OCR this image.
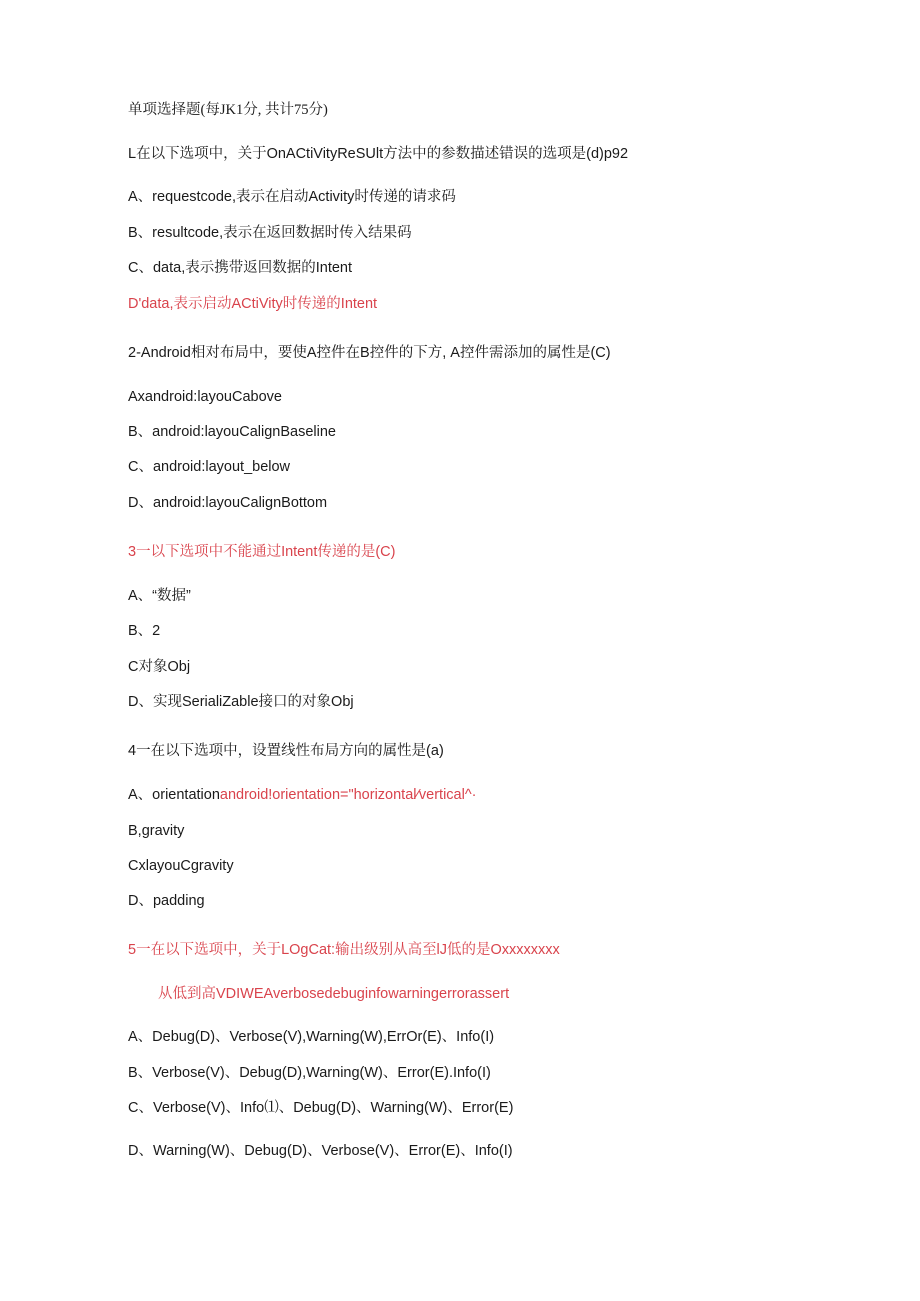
单项选择题(每JK1分, 共计75分)
L在以下选项中，关于OnACtiVityReSUlt方法中的参数描述错误的选项是(d)p92
A、requestcode,表示在启动Activity时传递的请求码
B、resultcode,表示在返回数据时传入结果码
C、data,表示携带返回数据的Intent
D'data,表示启动ACtiVity时传递的Intent
2-Android相对布局中，要使A控件在B控件的下方, A控件需添加的属性是(C)
Axandroid:layouCabove
B、android:layouCalignBaseline
C、android:layout_below
D、android:layouCalignBottom
3一以下选项中不能通过Intent传递的是(C)
A、“数据”
B、2
C对象Obj
D、实现SerialiZable接口的对象Obj
4一在以下选项中，设置线性布局方向的属性是(a)
A、orientationandroid!orientation="horizontal⁄vertical^·
B,gravity
CxlayouCgravity
D、padding
5一在以下选项中，关于LOgCat:输出级别从高至lJ低的是Oxxxxxxxx
从低到高VDIWEAverbosedebuginfowarningerrorassert
A、Debug(D)、Verbose(V),Warning(W),ErrOr(E)、Info(I)
B、Verbose(V)、Debug(D),Warning(W)、Error(E).Info(I)
C、Verbose(V)、Info⑴、Debug(D)、Warning(W)、Error(E)
D、Warning(W)、Debug(D)、Verbose(V)、Error(E)、Info(I)
